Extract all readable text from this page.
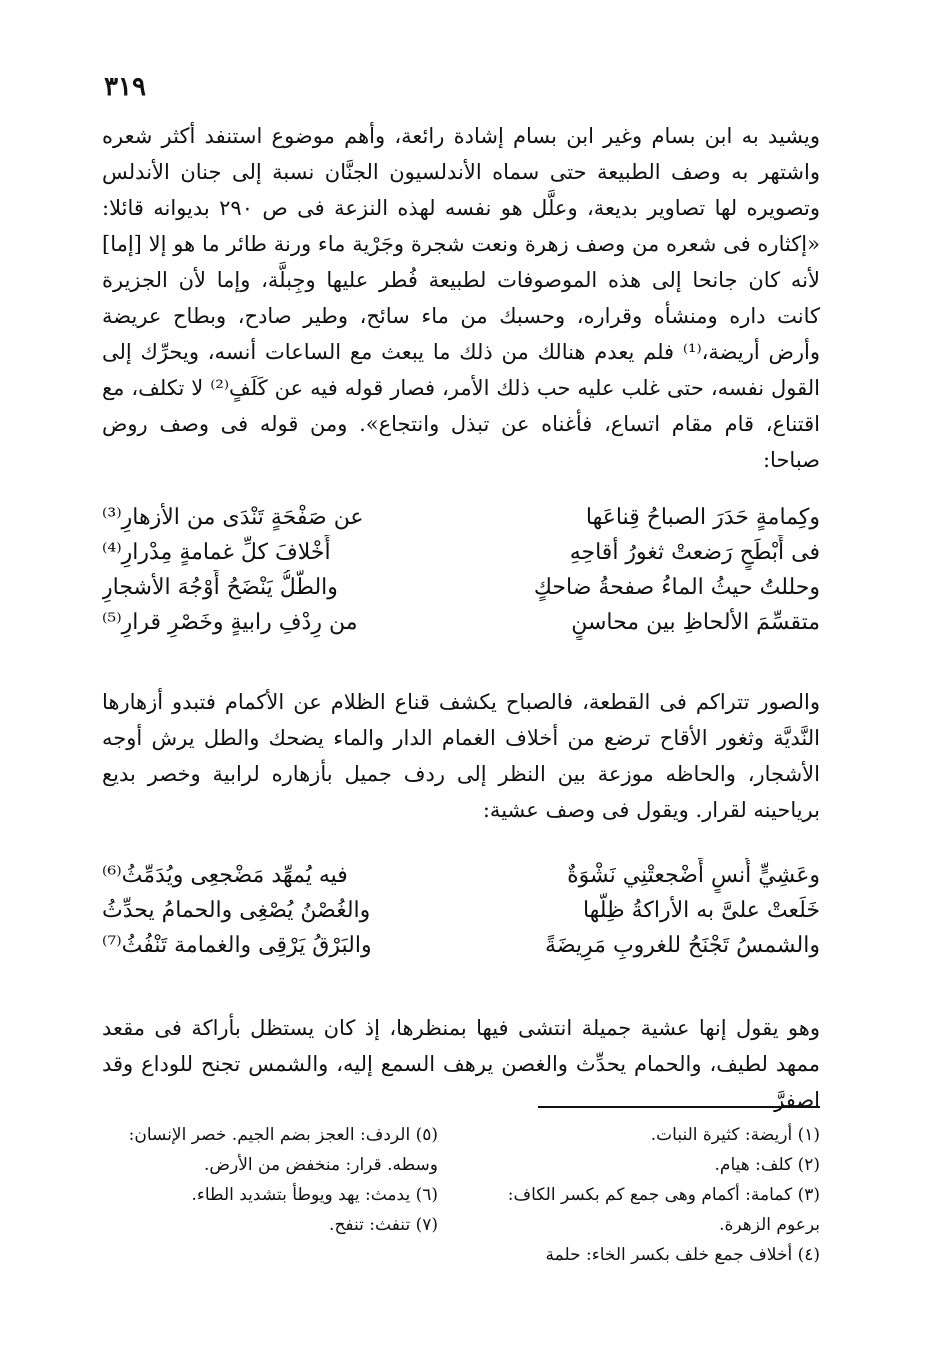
٣١٩

ويشيد به ابن بسام وغير ابن بسام إشادة رائعة، وأهم موضوع استنفد أكثر شعره واشتهر به وصف الطبيعة حتى سماه الأندلسيون الجنَّان نسبة إلى جنان الأندلس وتصويره لها تصاوير بديعة، وعلَّل هو نفسه لهذه النزعة فى ص ٢٩٠ بديوانه قائلا: «إكثاره فى شعره من وصف زهرة ونعت شجرة وجَرْية ماء ورنة طائر ما هو إلا [إما] لأنه كان جانحا إلى هذه الموصوفات لطبيعة فُطر عليها وجِبلَّة، وإما لأن الجزيرة كانت داره ومنشأه وقراره، وحسبك من ماء سائح، وطير صادح، وبطاح عريضة وأرض أريضة،⁽¹⁾ فلم يعدم هنالك من ذلك ما يبعث مع الساعات أنسه، ويحرِّك إلى القول نفسه، حتى غلب عليه حب ذلك الأمر، فصار قوله فيه عن كَلَفٍ⁽²⁾ لا تكلف، مع اقتناع، قام مقام اتساع، فأغناه عن تبذل وانتجاع». ومن قوله فى وصف روض صباحا:

وكِمامةٍ حَدَرَ الصباحُ قِناعَها
عن صَفْحَةٍ تَنْدَى من الأزهارِ⁽³⁾
فى أَبْطَحٍ رَضعتْ ثغورُ أقاحِهِ
أَخْلافَ كلِّ غمامةٍ مِدْرارِ⁽⁴⁾
وحللتُ حيثُ الماءُ صفحةُ ضاحكٍ
والطَّلُّ يَنْضَحُ أَوْجُهَ الأشجارِ
متقسِّمَ الألحاظِ بين محاسنٍ
من رِدْفِ رابيةٍ وخَصْرِ قرارِ⁽⁵⁾

والصور تتراكم فى القطعة، فالصباح يكشف قناع الظلام عن الأكمام فتبدو أزهارها النَّديَّة وثغور الأقاح ترضع من أخلاف الغمام الدار والماء يضحك والطل يرش أوجه الأشجار، والحاظه موزعة بين النظر إلى ردف جميل بأزهاره لرابية وخصر بديع برياحينه لقرار. ويقول فى وصف عشية:

وعَشِيٍّ أُنسٍ أَضْجعتْنِي نَشْوَةٌ
فيه يُمهِّد مَضْجعِى ويُدَمِّثُ⁽⁶⁾
خَلَعتْ علىَّ به الأراكةُ ظِلَّها
والغُصْنُ يُصْغِى والحمامُ يحدِّثُ
والشمسُ تَجْنَحُ للغروبِ مَرِيضَةً
والبَرْقُ يَرْقِى والغمامة تَنْفُثُ⁽⁷⁾

وهو يقول إنها عشية جميلة انتشى فيها بمنظرها، إذ كان يستظل بأراكة فى مقعد ممهد لطيف، والحمام يحدِّث والغصن يرهف السمع إليه، والشمس تجنح للوداع وقد اصفرَّ

(١) أريضة: كثيرة النبات.
(٢) كلف: هيام.
(٣) كمامة: أكمام وهى جمع كم بكسر الكاف: برعوم الزهرة.
(٤) أخلاف جمع خلف بكسر الخاء: حلمة
(٥) الردف: العجز بضم الجيم. خصر الإنسان: وسطه. قرار: منخفض من الأرض.
(٦) يدمث: يهد ويوطأ بتشديد الطاء.
(٧) تنفث: تنفح.
